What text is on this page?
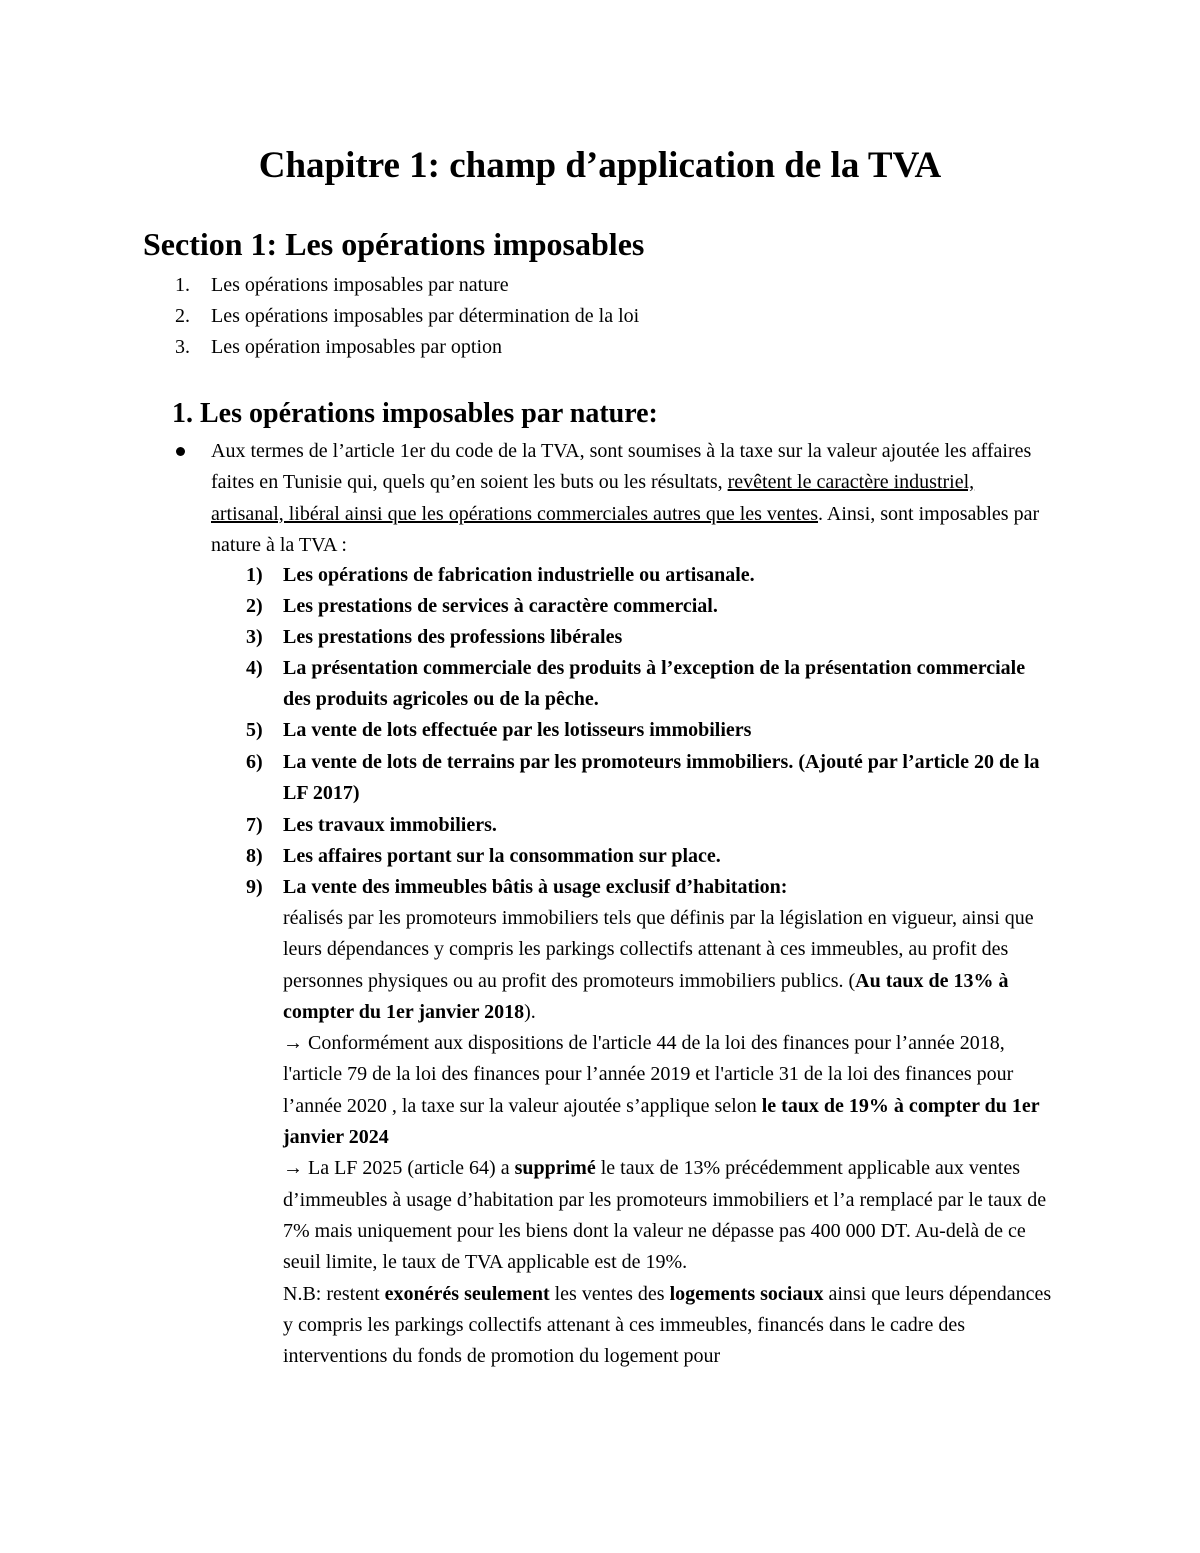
Chapitre 1: champ d’application de la TVA
Section 1: Les opérations imposables
1.	Les opérations imposables par nature
2.	Les opérations imposables par détermination de la loi
3.	Les opération imposables par option
1. Les opérations imposables par nature:
Aux termes de l’article 1er du code de la TVA, sont soumises à la taxe sur la valeur ajoutée les affaires faites en Tunisie qui, quels qu’en soient les buts ou les résultats, revêtent le caractère industriel, artisanal, libéral ainsi que les opérations commerciales autres que les ventes. Ainsi, sont imposables par nature à la TVA :
1) Les opérations de fabrication industrielle ou artisanale.
2) Les prestations de services à caractère commercial.
3) Les prestations des professions libérales
4) La présentation commerciale des produits à l’exception de la présentation commerciale des produits agricoles ou de la pêche.
5) La vente de lots effectuée par les lotisseurs immobiliers
6) La vente de lots de terrains par les promoteurs immobiliers. (Ajouté par l’article 20 de la LF 2017)
7) Les travaux immobiliers.
8) Les affaires portant sur la consommation sur place.
9) La vente des immeubles bâtis à usage exclusif d’habitation:

réalisés par les promoteurs immobiliers tels que définis par la législation en vigueur, ainsi que leurs dépendances y compris les parkings collectifs attenant à ces immeubles, au profit des personnes physiques ou au profit des promoteurs immobiliers publics. (Au taux de 13% à compter du 1er janvier 2018).

→ Conformément aux dispositions de l'article 44 de la loi des finances pour l’année 2018, l'article 79 de la loi des finances pour l’année 2019 et l'article 31 de la loi des finances pour l’année 2020 , la taxe sur la valeur ajoutée s’applique selon le taux de 19% à compter du 1er janvier 2024

→ La LF 2025 (article 64) a supprimé le taux de 13% précédemment applicable aux ventes d’immeubles à usage d’habitation par les promoteurs immobiliers et l’a remplacé par le taux de 7% mais uniquement pour les biens dont la valeur ne dépasse pas 400 000 DT. Au-delà de ce seuil limite, le taux de TVA applicable est de 19%.

N.B: restent exonérés seulement les ventes des logements sociaux ainsi que leurs dépendances y compris les parkings collectifs attenant à ces immeubles, financés dans le cadre des interventions du fonds de promotion du logement pour
